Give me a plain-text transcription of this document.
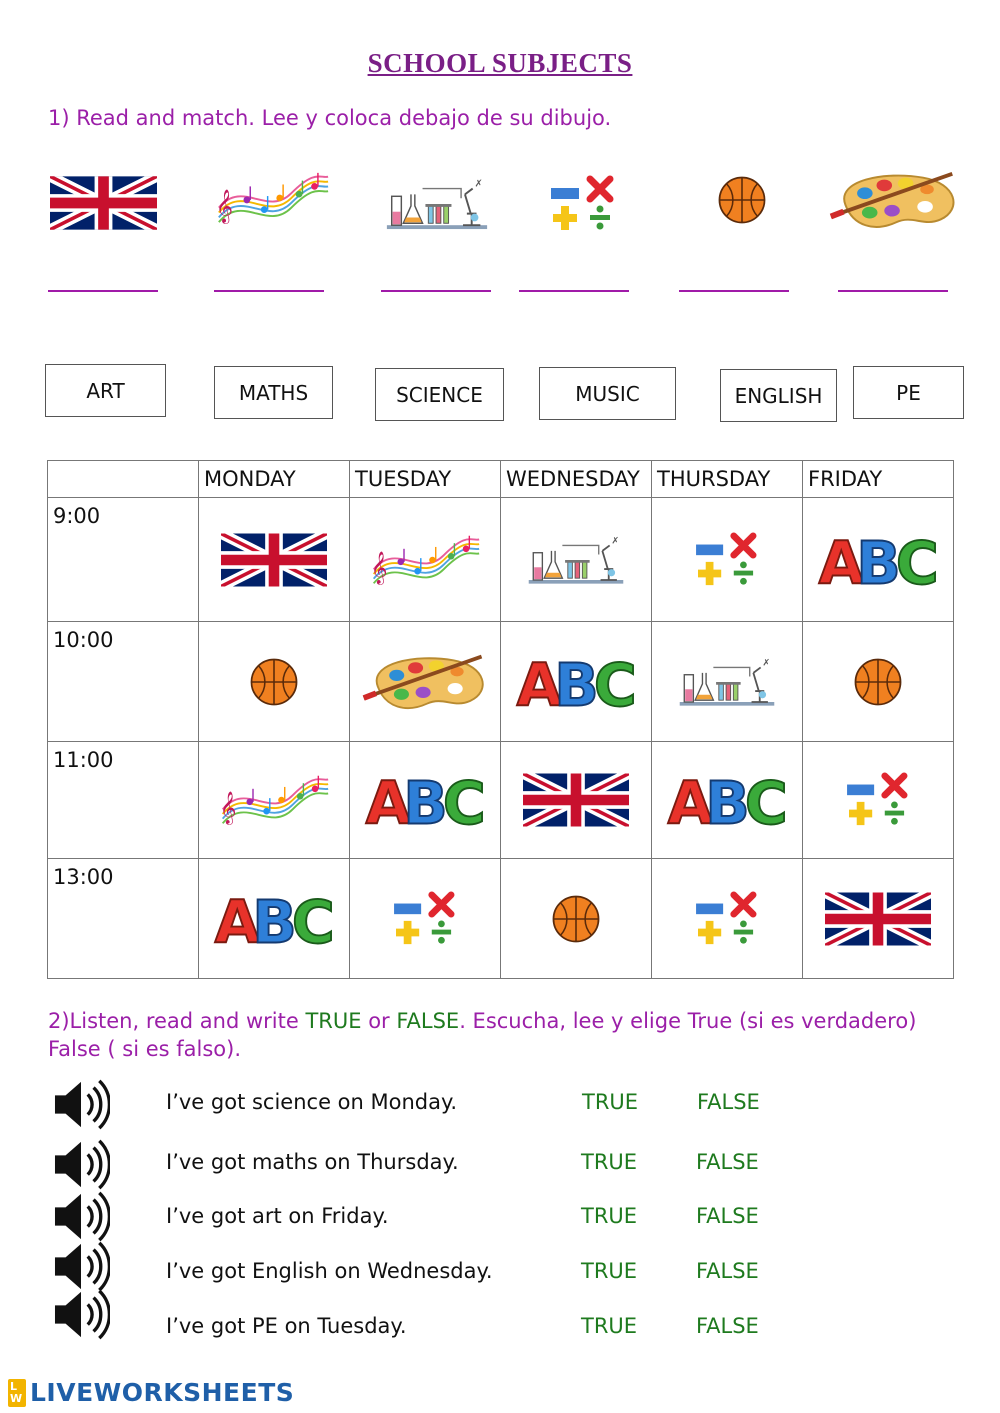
SCHOOL SUBJECTS
1) Read and match. Lee y coloca debajo de su dibujo.
ART	MATHS	SCIENCE	MUSIC	ENGLISH	PE
	MONDAY	TUESDAY	WEDNESDAY	THURSDAY	FRIDAY
9:00					
10:00					
11:00					
13:00					
2)Listen, read and write TRUE or FALSE. Escucha, lee y elige True (si es verdadero) False ( si es falso).
I’ve got science on Monday.	TRUE	FALSE
I’ve got maths on Thursday.	TRUE	FALSE
I’ve got art on Friday.	TRUE	FALSE
I’ve got English on Wednesday.	TRUE	FALSE
I’ve got PE on Tuesday.	TRUE	FALSE
LW LIVEWORKSHEETS
